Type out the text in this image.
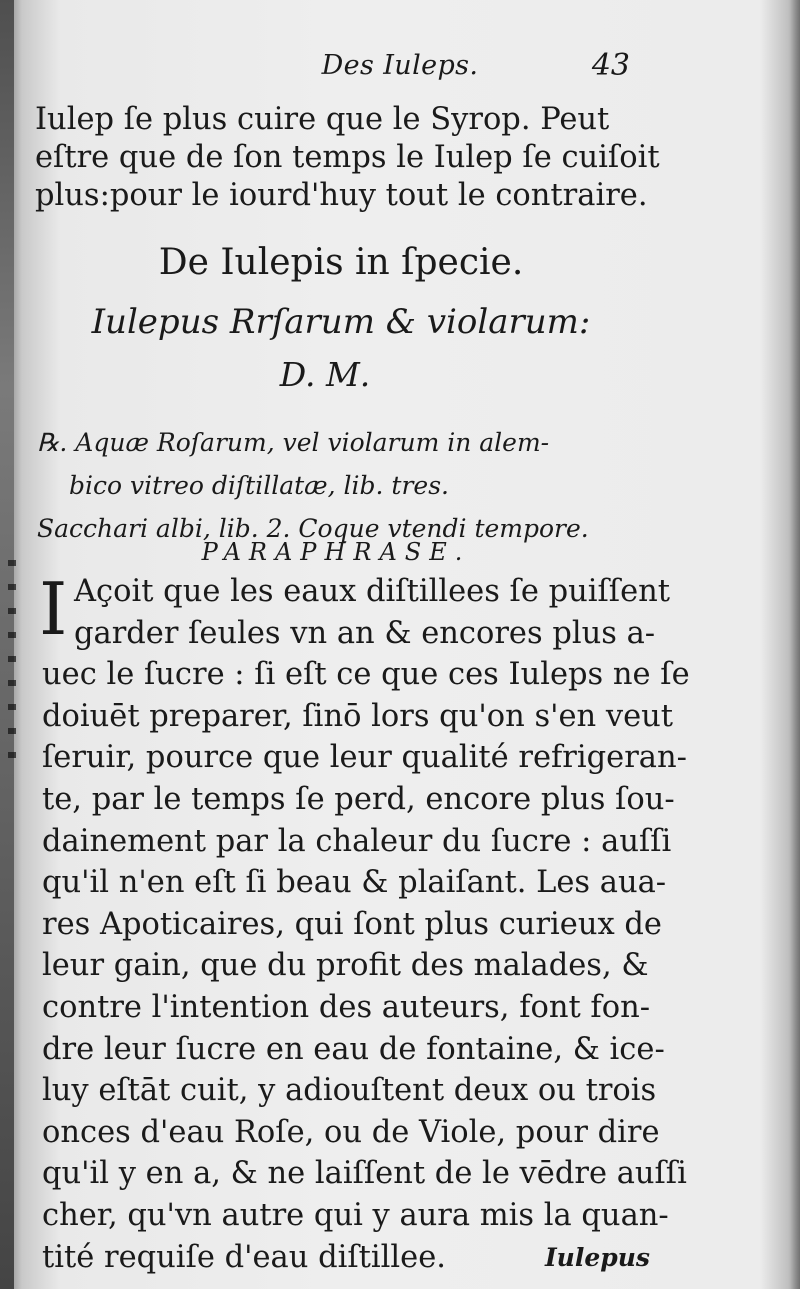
Des Iuleps.	43
Iulep ſe plus cuire que le Syrop. Peut
eſtre que de ſon temps le Iulep ſe cuiſoit
plus:pour le iourd'huy tout le contraire.
De Iulepis in ſpecie.
Iulepus Rrſarum & violarum:
D. M.
℞. Aquæ Roſarum, vel violarum in alem-
bico vitreo diſtillatæ, lib. tres.
Sacchari albi, lib. 2. Coque vtendi tempore.
PARAPHRASE.
I Açoit que les eaux diſtillees ſe puiſſent
garder ſeules vn an & encores plus a-
uec le ſucre : ſi eſt ce que ces Iuleps ne ſe
doiuēt preparer, ſinō lors qu'on s'en veut
ſeruir, pource que leur qualité refrigeran-
te, par le temps ſe perd, encore plus ſou-
dainement par la chaleur du ſucre : auſſi
qu'il n'en eſt ſi beau & plaiſant. Les aua-
res Apoticaires, qui ſont plus curieux de
leur gain, que du profit des malades, &
contre l'intention des auteurs, font fon-
dre leur ſucre en eau de fontaine, & ice-
luy eſtāt cuit, y adiouſtent deux ou trois
onces d'eau Roſe, ou de Viole, pour dire
qu'il y en a, & ne laiſſent de le vēdre auſſi
cher, qu'vn autre qui y aura mis la quan-
tité requiſe d'eau diſtillee.	Iulepus
